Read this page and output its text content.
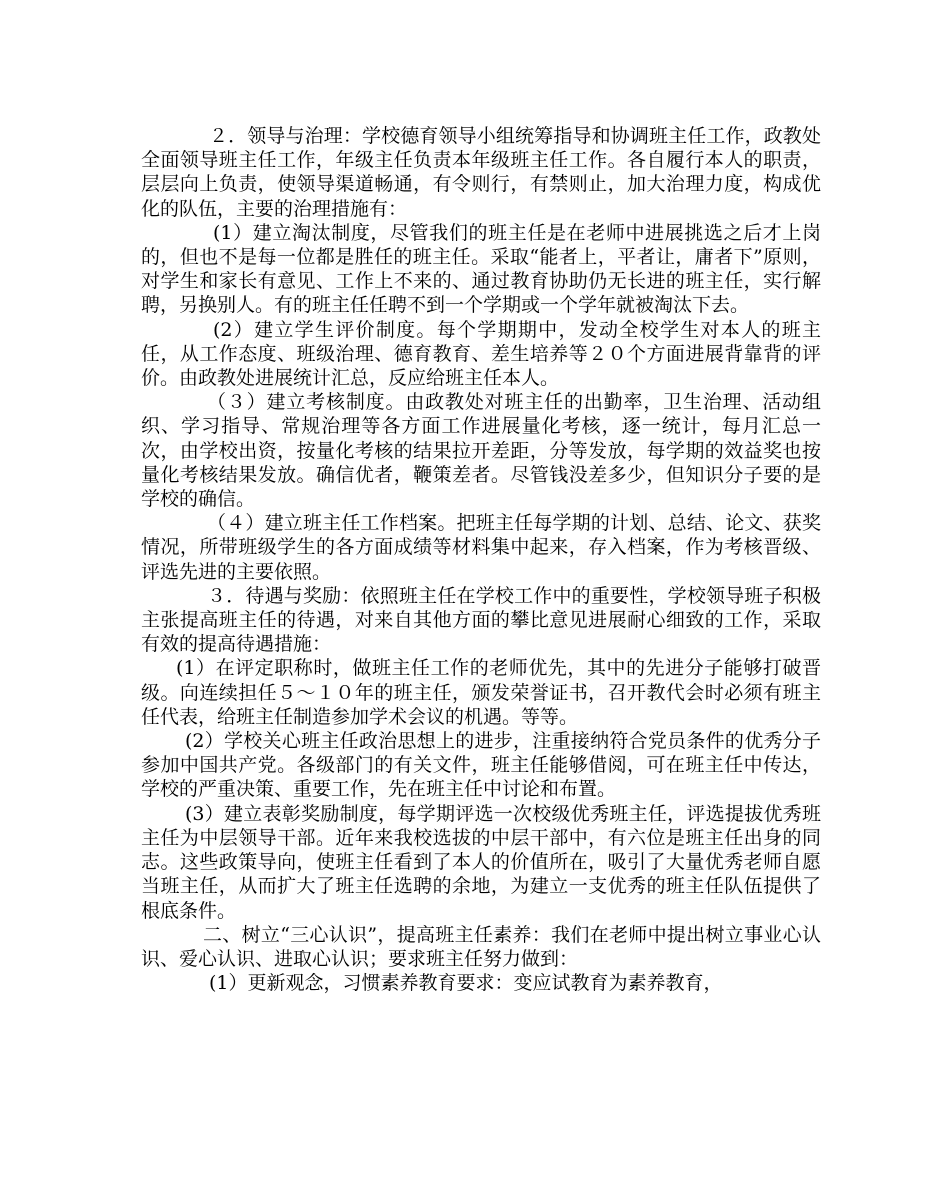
２．领导与治理：学校德育领导小组统筹指导和协调班主任工作，政教处全面领导班主任工作，年级主任负责本年级班主任工作。各自履行本人的职责，层层向上负责，使领导渠道畅通，有令则行，有禁则止，加大治理力度，构成优化的队伍，主要的治理措施有：

(1）建立淘汰制度，尽管我们的班主任是在老师中进展挑选之后才上岗的，但也不是每一位都是胜任的班主任。采取“能者上，平者让，庸者下”原则，对学生和家长有意见、工作上不来的、通过教育协助仍无长进的班主任，实行解聘，另换别人。有的班主任任聘不到一个学期或一个学年就被淘汰下去。

(2）建立学生评价制度。每个学期期中，发动全校学生对本人的班主任，从工作态度、班级治理、德育教育、差生培养等２０个方面进展背靠背的评价。由政教处进展统计汇总，反应给班主任本人。

（３）建立考核制度。由政教处对班主任的出勤率，卫生治理、活动组织、学习指导、常规治理等各方面工作进展量化考核，逐一统计，每月汇总一次，由学校出资，按量化考核的结果拉开差距，分等发放，每学期的效益奖也按量化考核结果发放。确信优者，鞭策差者。尽管钱没差多少，但知识分子要的是学校的确信。

（４）建立班主任工作档案。把班主任每学期的计划、总结、论文、获奖情况，所带班级学生的各方面成绩等材料集中起来，存入档案，作为考核晋级、评选先进的主要依照。

３．待遇与奖励：依照班主任在学校工作中的重要性，学校领导班子积极主张提高班主任的待遇，对来自其他方面的攀比意见进展耐心细致的工作，采取有效的提高待遇措施：

(1）在评定职称时，做班主任工作的老师优先，其中的先进分子能够打破晋级。向连续担任５～１０年的班主任，颁发荣誉证书，召开教代会时必须有班主任代表，给班主任制造参加学术会议的机遇。等等。

(2）学校关心班主任政治思想上的进步，注重接纳符合党员条件的优秀分子参加中国共产党。各级部门的有关文件，班主任能够借阅，可在班主任中传达，学校的严重决策、重要工作，先在班主任中讨论和布置。

(3）建立表彰奖励制度，每学期评选一次校级优秀班主任，评选提拔优秀班主任为中层领导干部。近年来我校选拔的中层干部中，有六位是班主任出身的同志。这些政策导向，使班主任看到了本人的价值所在，吸引了大量优秀老师自愿当班主任，从而扩大了班主任选聘的余地，为建立一支优秀的班主任队伍提供了根底条件。

二、树立“三心认识”，提高班主任素养：我们在老师中提出树立事业心认识、爱心认识、进取心认识；要求班主任努力做到：

(1）更新观念，习惯素养教育要求：变应试教育为素养教育，
